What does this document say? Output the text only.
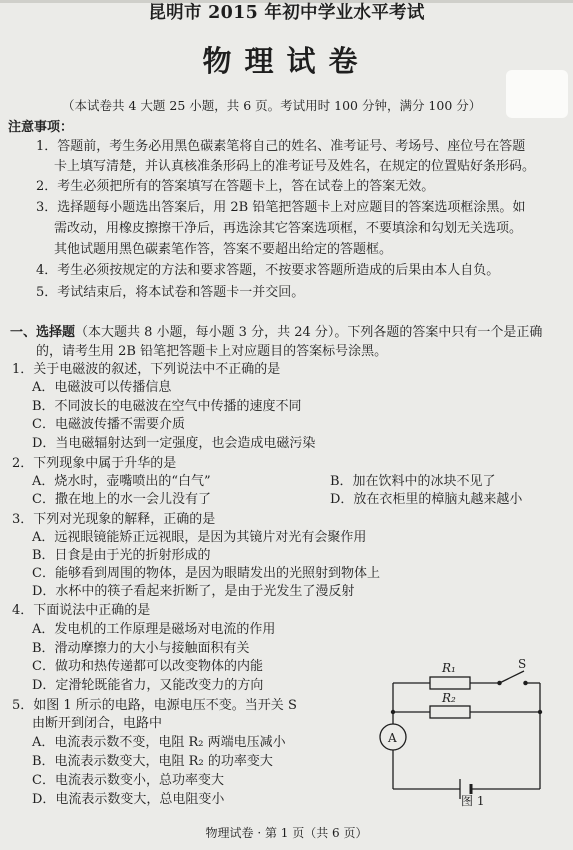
昆明市 2015 年初中学业水平考试
物理试卷
（本试卷共 4 大题 25 小题，共 6 页。考试用时 100 分钟，满分 100 分）
注意事项：
1．答题前，考生务必用黑色碳素笔将自己的姓名、准考证号、考场号、座位号在答题
卡上填写清楚，并认真核准条形码上的准考证号及姓名，在规定的位置贴好条形码。
2．考生必须把所有的答案填写在答题卡上，答在试卷上的答案无效。
3．选择题每小题选出答案后，用 2B 铅笔把答题卡上对应题目的答案选项框涂黑。如
需改动，用橡皮擦擦干净后，再选涂其它答案选项框，不要填涂和勾划无关选项。
其他试题用黑色碳素笔作答，答案不要超出给定的答题框。
4．考生必须按规定的方法和要求答题，不按要求答题所造成的后果由本人自负。
5．考试结束后，将本试卷和答题卡一并交回。
一、选择题（本大题共 8 小题，每小题 3 分，共 24 分）。下列各题的答案中只有一个是正确
的，请考生用 2B 铅笔把答题卡上对应题目的答案标号涂黑。
1．关于电磁波的叙述，下列说法中不正确的是
A．电磁波可以传播信息
B．不同波长的电磁波在空气中传播的速度不同
C．电磁波传播不需要介质
D．当电磁辐射达到一定强度，也会造成电磁污染
2．下列现象中属于升华的是
A．烧水时，壶嘴喷出的“白气”	B．加在饮料中的冰块不见了
C．撒在地上的水一会儿没有了	D．放在衣柜里的樟脑丸越来越小
3．下列对光现象的解释，正确的是
A．远视眼镜能矫正远视眼，是因为其镜片对光有会聚作用
B．日食是由于光的折射形成的
C．能够看到周围的物体，是因为眼睛发出的光照射到物体上
D．水杯中的筷子看起来折断了，是由于光发生了漫反射
4．下面说法中正确的是
A．发电机的工作原理是磁场对电流的作用
B．滑动摩擦力的大小与接触面积有关
C．做功和热传递都可以改变物体的内能
D．定滑轮既能省力，又能改变力的方向
5．如图 1 所示的电路，电源电压不变。当开关 S
由断开到闭合，电路中
A．电流表示数不变，电阻 R₂ 两端电压减小
B．电流表示数变大，电阻 R₂ 的功率变大
C．电流表示数变小，总功率变大
D．电流表示数变大，总电阻变小
R₁
R₂
S
A
图 1
物理试卷 · 第 1 页（共 6 页）
